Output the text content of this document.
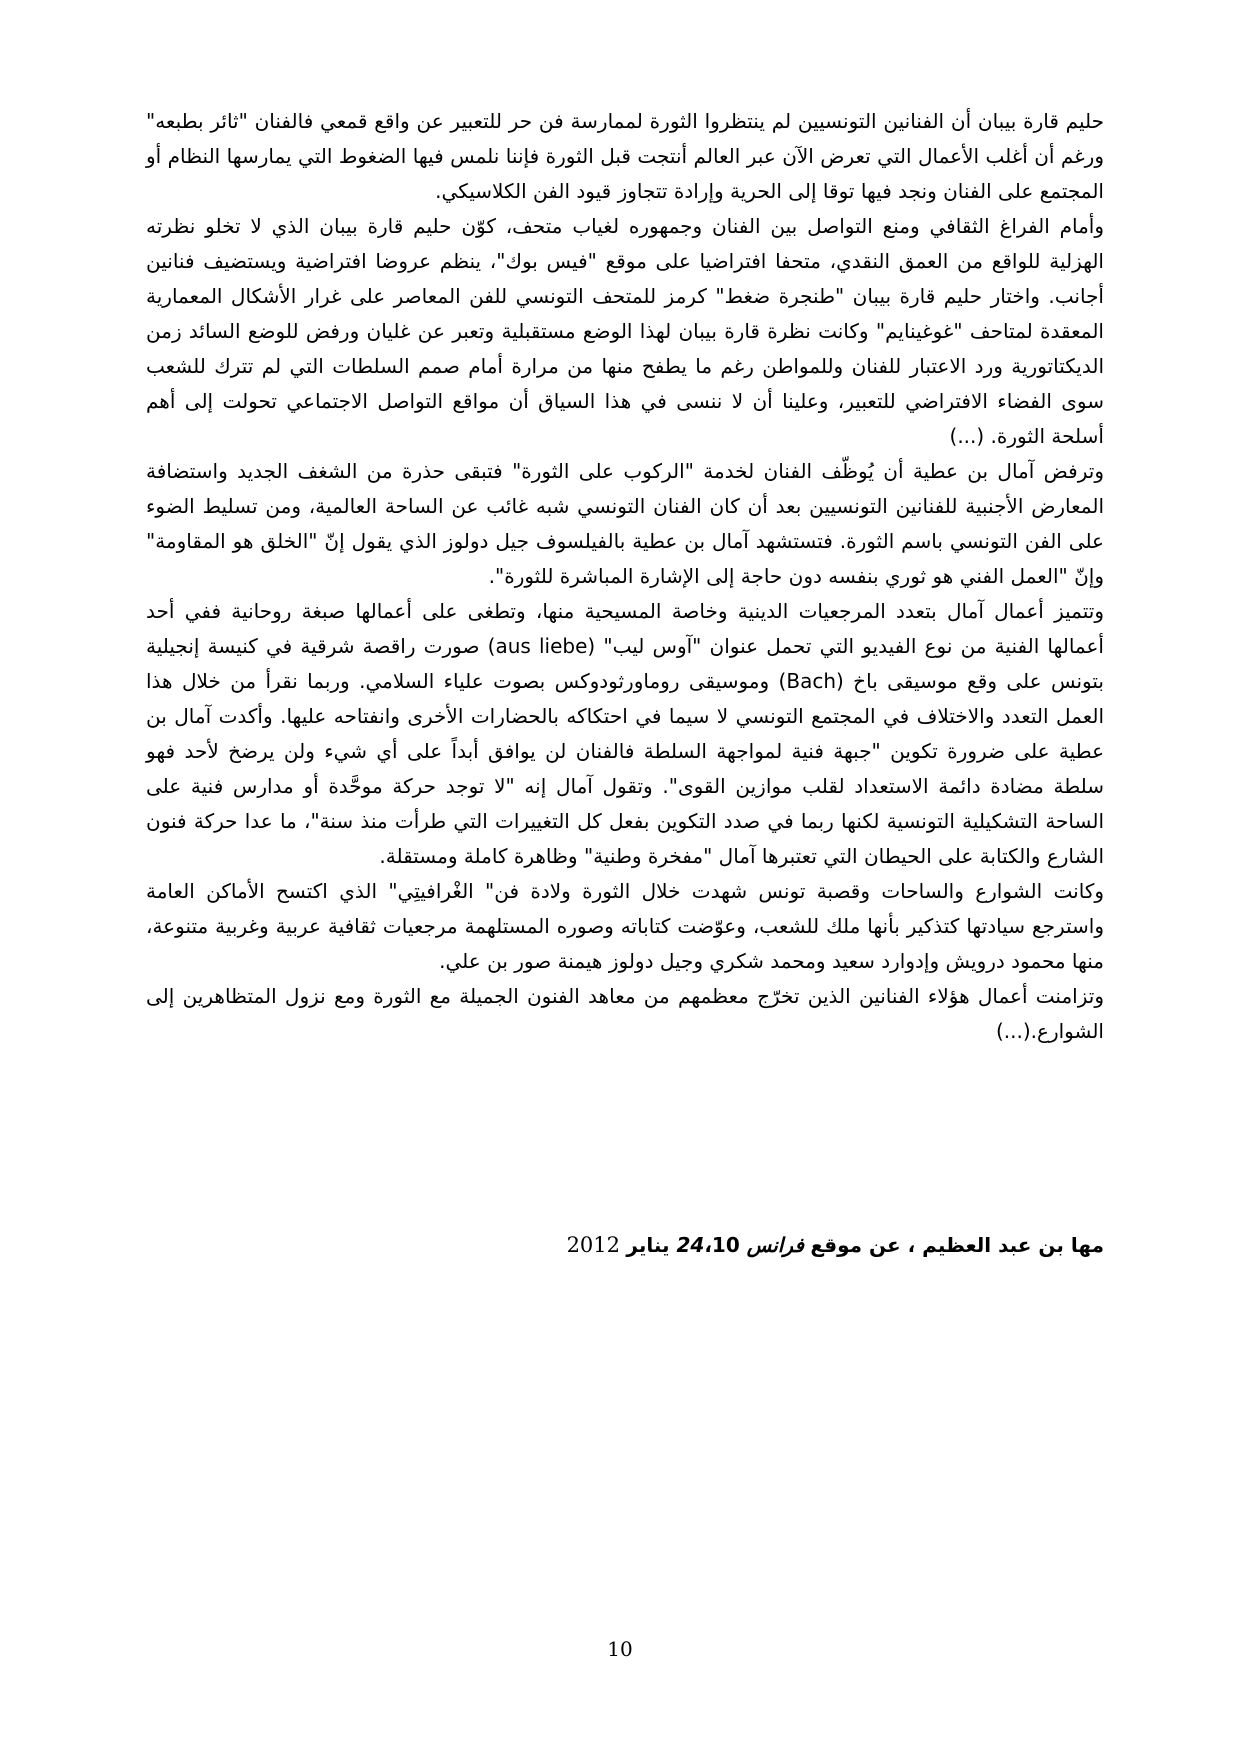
حليم قارة بيبان أن الفنانين التونسيين لم ينتظروا الثورة لممارسة فن حر للتعبير عن واقع قمعي فالفنان "ثائر بطبعه" ورغم أن أغلب الأعمال التي تعرض الآن عبر العالم أنتجت قبل الثورة فإننا نلمس فيها الضغوط التي يمارسها النظام أو المجتمع على الفنان ونجد فيها توقا إلى الحرية وإرادة تتجاوز قيود الفن الكلاسيكي.

وأمام الفراغ الثقافي ومنع التواصل بين الفنان وجمهوره لغياب متحف، كوّن حليم قارة بيبان الذي لا تخلو نظرته الهزلية للواقع من العمق النقدي، متحفا افتراضيا على موقع "فيس بوك"، ينظم عروضا افتراضية ويستضيف فنانين أجانب. واختار حليم قارة بيبان "طنجرة ضغط" كرمز للمتحف التونسي للفن المعاصر على غرار الأشكال المعمارية المعقدة لمتاحف "غوغينايم" وكانت نظرة قارة بيبان لهذا الوضع مستقبلية وتعبر عن غليان ورفض للوضع السائد زمن الديكتاتورية ورد الاعتبار للفنان وللمواطن رغم ما يطفح منها من مرارة أمام صمم السلطات التي لم تترك للشعب سوى الفضاء الافتراضي للتعبير، وعلينا أن لا ننسى في هذا السياق أن مواقع التواصل الاجتماعي تحولت إلى أهم أسلحة الثورة. (...)

وترفض آمال بن عطية أن يُوظّف الفنان لخدمة "الركوب على الثورة" فتبقى حذرة من الشغف الجديد واستضافة المعارض الأجنبية للفنانين التونسيين بعد أن كان الفنان التونسي شبه غائب عن الساحة العالمية، ومن تسليط الضوء على الفن التونسي باسم الثورة. فتستشهد آمال بن عطية بالفيلسوف جيل دولوز الذي يقول إنّ "الخلق هو المقاومة" وإنّ "العمل الفني هو ثوري بنفسه دون حاجة إلى الإشارة المباشرة للثورة".

وتتميز أعمال آمال بتعدد المرجعيات الدينية وخاصة المسيحية منها، وتطغى على أعمالها صبغة روحانية ففي أحد أعمالها الفنية من نوع الفيديو التي تحمل عنوان "آوس ليب" (aus liebe) صورت راقصة شرقية في كنيسة إنجيلية بتونس على وقع موسيقى باخ (Bach) وموسيقى روماورثودوكس بصوت علياء السلامي. وربما نقرأ من خلال هذا العمل التعدد والاختلاف في المجتمع التونسي لا سيما في احتكاكه بالحضارات الأخرى وانفتاحه عليها. وأكدت آمال بن عطية على ضرورة تكوين "جبهة فنية لمواجهة السلطة فالفنان لن يوافق أبداً على أي شيء ولن يرضخ لأحد فهو سلطة مضادة دائمة الاستعداد لقلب موازين القوى". وتقول آمال إنه "لا توجد حركة موحَّدة أو مدارس فنية على الساحة التشكيلية التونسية لكنها ربما في صدد التكوين بفعل كل التغييرات التي طرأت منذ سنة"، ما عدا حركة فنون الشارع والكتابة على الحيطان التي تعتبرها آمال "مفخرة وطنية" وظاهرة كاملة ومستقلة.

وكانت الشوارع والساحات وقصبة تونس شهدت خلال الثورة ولادة فن" الغْرافيتِي" الذي اكتسح الأماكن العامة واسترجع سيادتها كتذكير بأنها ملك للشعب، وعوّضت كتاباته وصوره المستلهمة مرجعيات ثقافية عربية وغربية متنوعة، منها محمود درويش وإدوارد سعيد ومحمد شكري وجيل دولوز هيمنة صور بن علي.

وتزامنت أعمال هؤلاء الفنانين الذين تخرّج معظمهم من معاهد الفنون الجميلة مع الثورة ومع نزول المتظاهرين إلى الشوارع.(...)

مها بن عبد العظيم ، عن موقع فرانس 24،10 يناير 2012
10
